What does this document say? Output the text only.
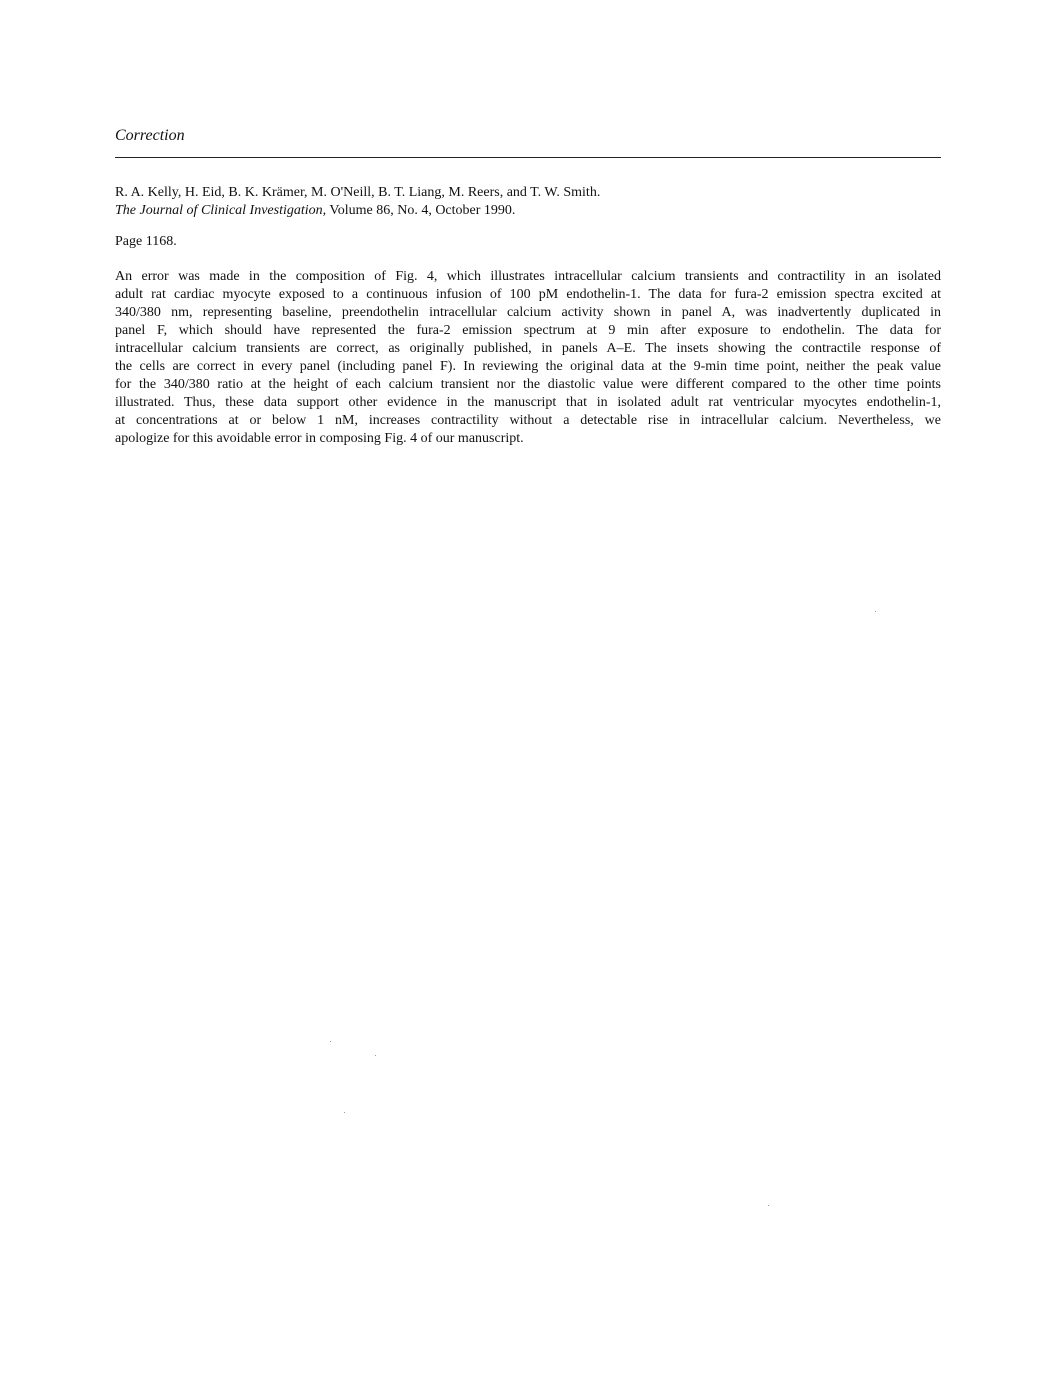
Correction
R. A. Kelly, H. Eid, B. K. Krämer, M. O'Neill, B. T. Liang, M. Reers, and T. W. Smith.
The Journal of Clinical Investigation, Volume 86, No. 4, October 1990.
Page 1168.
An error was made in the composition of Fig. 4, which illustrates intracellular calcium transients and contractility in an isolated
adult rat cardiac myocyte exposed to a continuous infusion of 100 pM endothelin-1. The data for fura-2 emission spectra excited at
340/380 nm, representing baseline, preendothelin intracellular calcium activity shown in panel A, was inadvertently duplicated in
panel F, which should have represented the fura-2 emission spectrum at 9 min after exposure to endothelin. The data for
intracellular calcium transients are correct, as originally published, in panels A–E. The insets showing the contractile response of
the cells are correct in every panel (including panel F). In reviewing the original data at the 9-min time point, neither the peak value
for the 340/380 ratio at the height of each calcium transient nor the diastolic value were different compared to the other time points
illustrated. Thus, these data support other evidence in the manuscript that in isolated adult rat ventricular myocytes endothelin-1,
at concentrations at or below 1 nM, increases contractility without a detectable rise in intracellular calcium. Nevertheless, we
apologize for this avoidable error in composing Fig. 4 of our manuscript.
